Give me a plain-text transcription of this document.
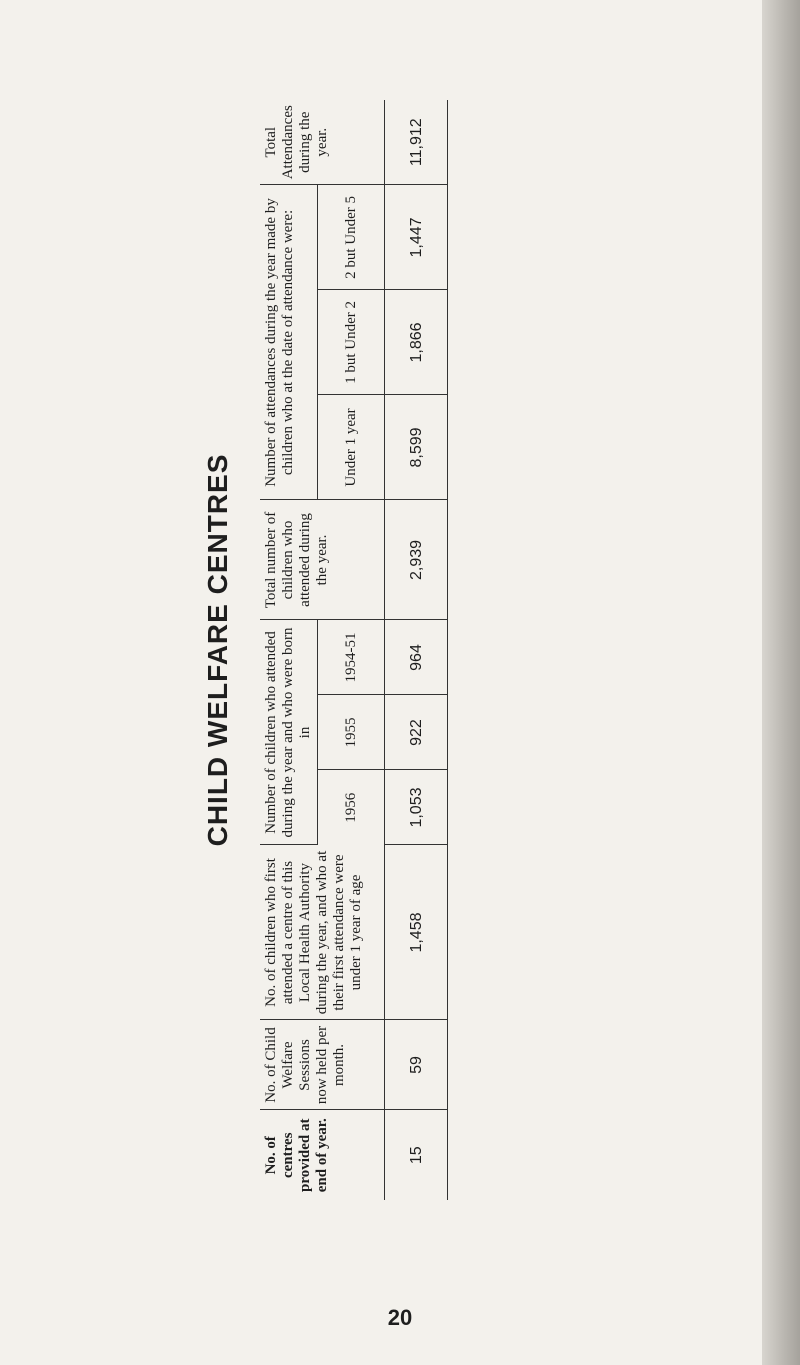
CHILD WELFARE CENTRES
No. of centres provided at end of year.	No. of Child Welfare Sessions now held per month.	No. of children who first attended a centre of this Local Health Authority during the year, and who at their first attendance were under 1 year of age	Number of children who attended during the year and who were born in			Total number of children who attended during the year.	Number of attendances during the year made by children who at the date of attendance were:			Total Attendances during the year.
			1956	1955	1954-51		Under 1 year	1 but Under 2	2 but Under 5	
15	59	1,458	1,053	922	964	2,939	8,599	1,866	1,447	11,912
20
